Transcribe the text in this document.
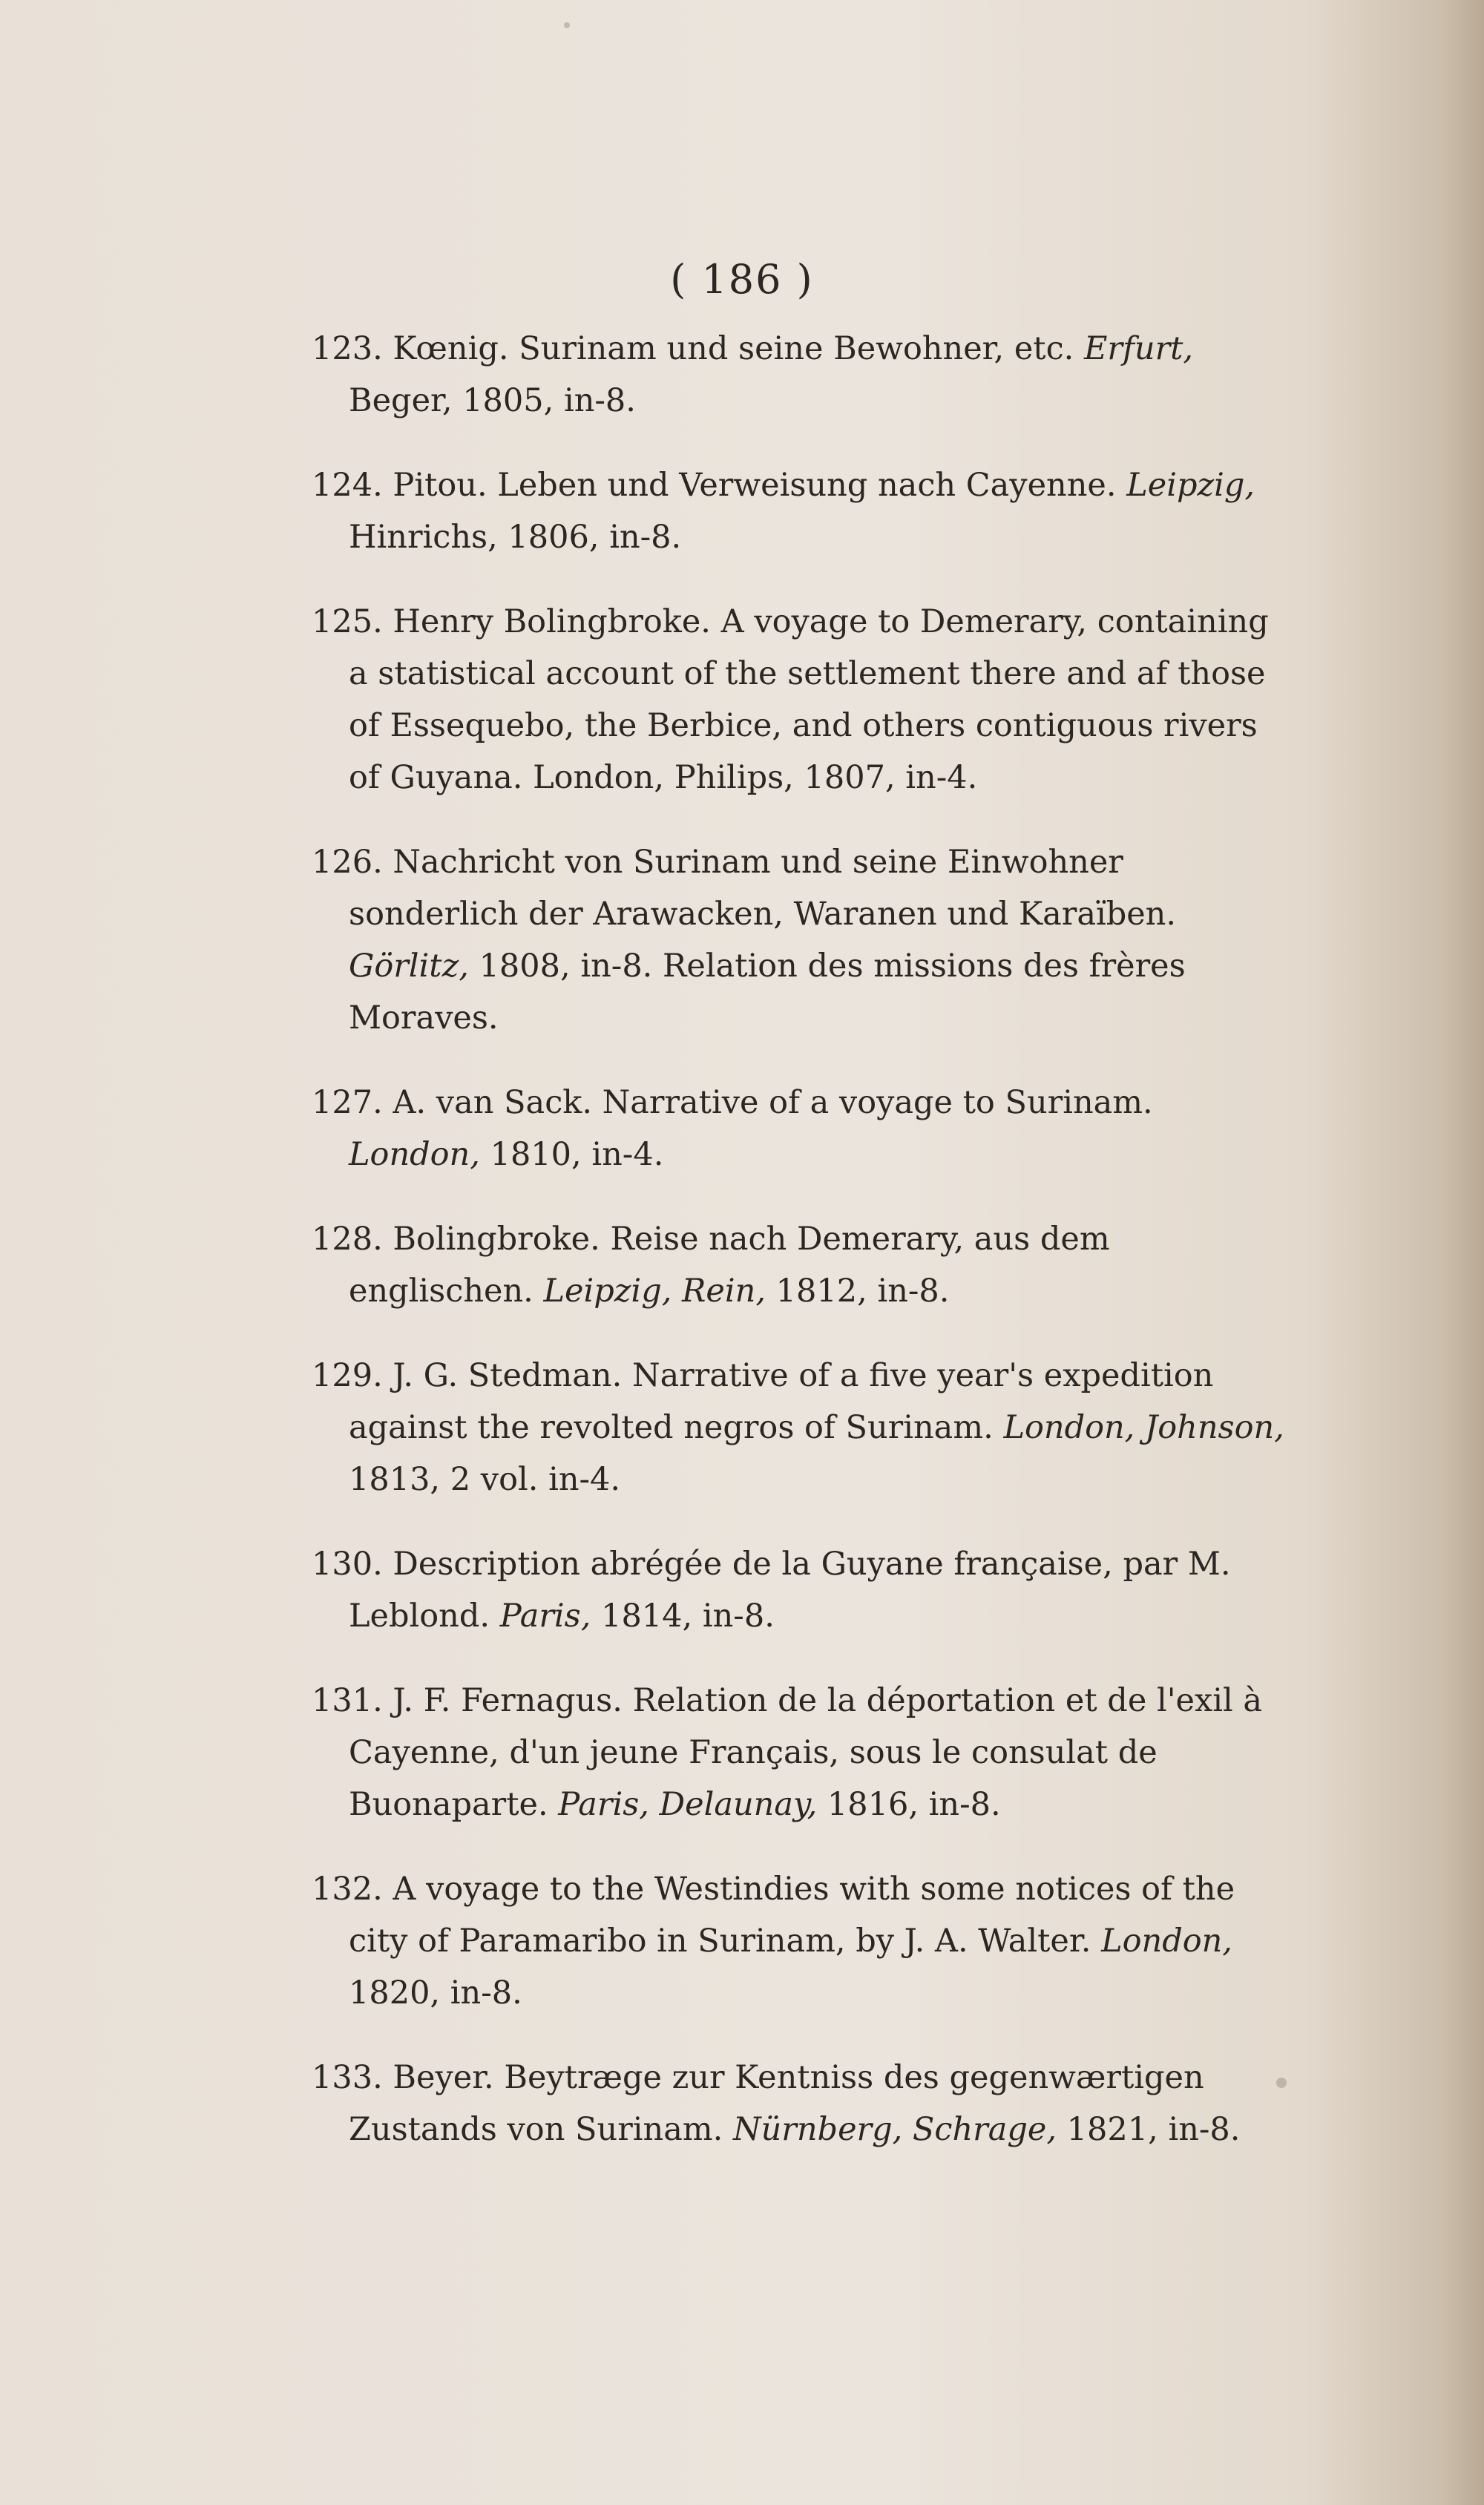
( 186 )

123. Kœnig. Surinam und seine Bewohner, etc. Erfurt, Beger, 1805, in-8.

124. Pitou. Leben und Verweisung nach Cayenne. Leipzig, Hinrichs, 1806, in-8.

125. Henry Bolingbroke. A voyage to Demerary, containing a statistical account of the settlement there and af those of Essequebo, the Berbice, and others contiguous rivers of Guyana. London, Philips, 1807, in-4.

126. Nachricht von Surinam und seine Einwohner sonderlich der Arawacken, Waranen und Karaïben. Görlitz, 1808, in-8. Relation des missions des frères Moraves.

127. A. van Sack. Narrative of a voyage to Surinam. London, 1810, in-4.

128. Bolingbroke. Reise nach Demerary, aus dem englischen. Leipzig, Rein, 1812, in-8.

129. J. G. Stedman. Narrative of a five year's expedition against the revolted negros of Surinam. London, Johnson, 1813, 2 vol. in-4.

130. Description abrégée de la Guyane française, par M. Leblond. Paris, 1814, in-8.

131. J. F. Fernagus. Relation de la déportation et de l'exil à Cayenne, d'un jeune Français, sous le consulat de Buonaparte. Paris, Delaunay, 1816, in-8.

132. A voyage to the Westindies with some notices of the city of Paramaribo in Surinam, by J. A. Walter. London, 1820, in-8.

133. Beyer. Beytræge zur Kentniss des gegenwærtigen Zustands von Surinam. Nürnberg, Schrage, 1821, in-8.
